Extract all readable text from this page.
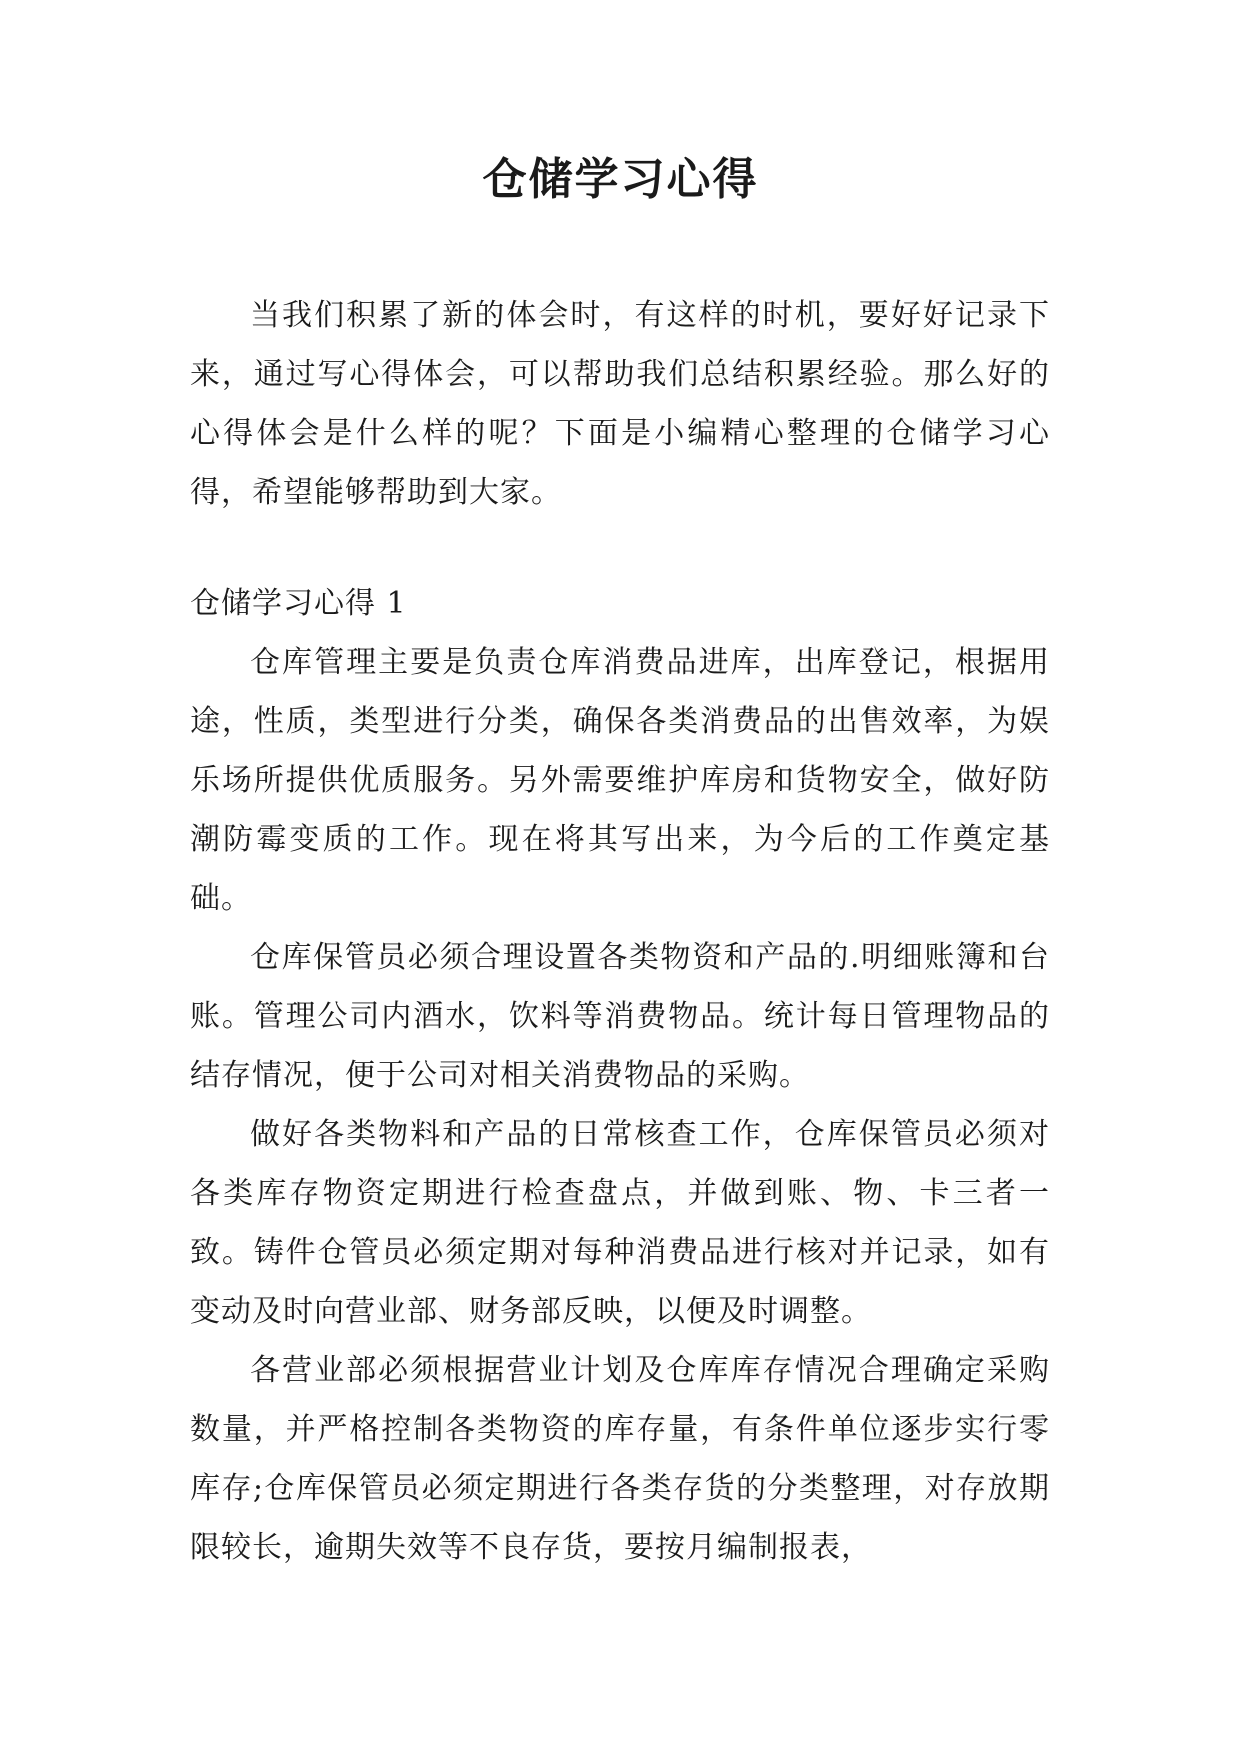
仓储学习心得

当我们积累了新的体会时，有这样的时机，要好好记录下来，通过写心得体会，可以帮助我们总结积累经验。那么好的心得体会是什么样的呢？下面是小编精心整理的仓储学习心得，希望能够帮助到大家。

仓储学习心得 1

仓库管理主要是负责仓库消费品进库，出库登记，根据用途，性质，类型进行分类，确保各类消费品的出售效率，为娱乐场所提供优质服务。另外需要维护库房和货物安全，做好防潮防霉变质的工作。现在将其写出来，为今后的工作奠定基础。

仓库保管员必须合理设置各类物资和产品的.明细账簿和台账。管理公司内酒水，饮料等消费物品。统计每日管理物品的结存情况，便于公司对相关消费物品的采购。

做好各类物料和产品的日常核查工作，仓库保管员必须对各类库存物资定期进行检查盘点，并做到账、物、卡三者一致。铸件仓管员必须定期对每种消费品进行核对并记录，如有变动及时向营业部、财务部反映，以便及时调整。

各营业部必须根据营业计划及仓库库存情况合理确定采购数量，并严格控制各类物资的库存量，有条件单位逐步实行零库存;仓库保管员必须定期进行各类存货的分类整理，对存放期限较长，逾期失效等不良存货，要按月编制报表，
